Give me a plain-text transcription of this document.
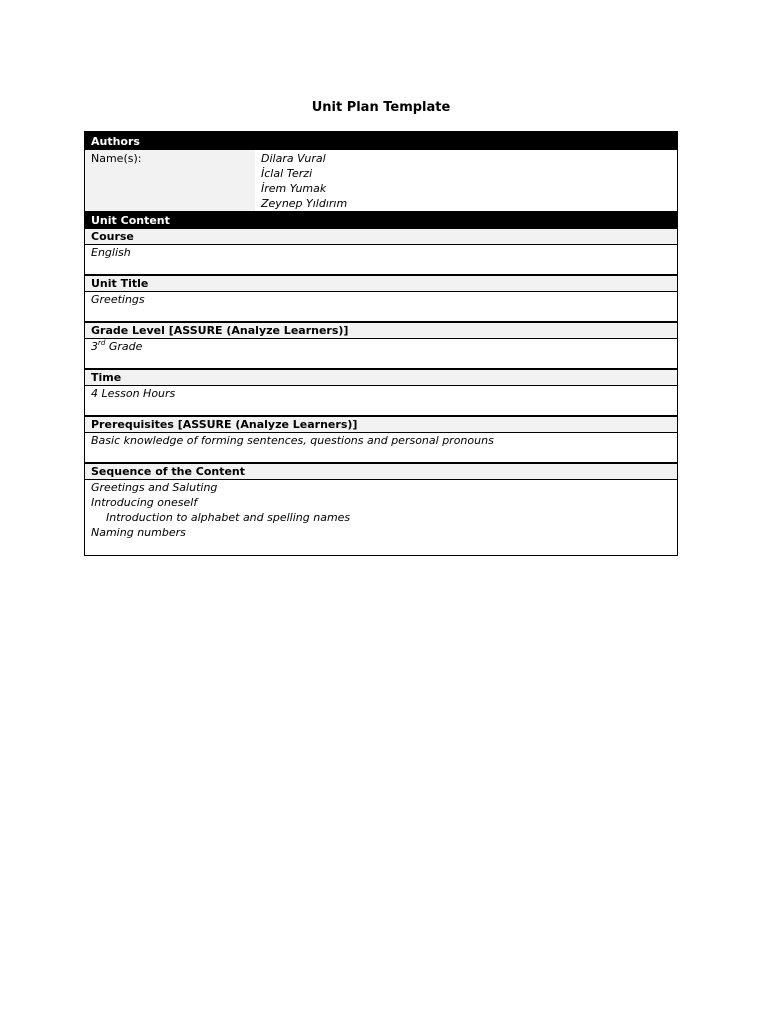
Unit Plan Template
Authors
Name(s):	Dilara Vural
İclal Terzi
İrem Yumak
Zeynep Yıldırım
Unit Content
Course
English
Unit Title
Greetings
Grade Level [ASSURE (Analyze Learners)]
3rd Grade
Time
4 Lesson Hours
Prerequisites [ASSURE (Analyze Learners)]
Basic knowledge of forming sentences, questions and personal pronouns
Sequence of the Content
Greetings and Saluting
Introducing oneself
Introduction to alphabet and spelling names
Naming numbers
